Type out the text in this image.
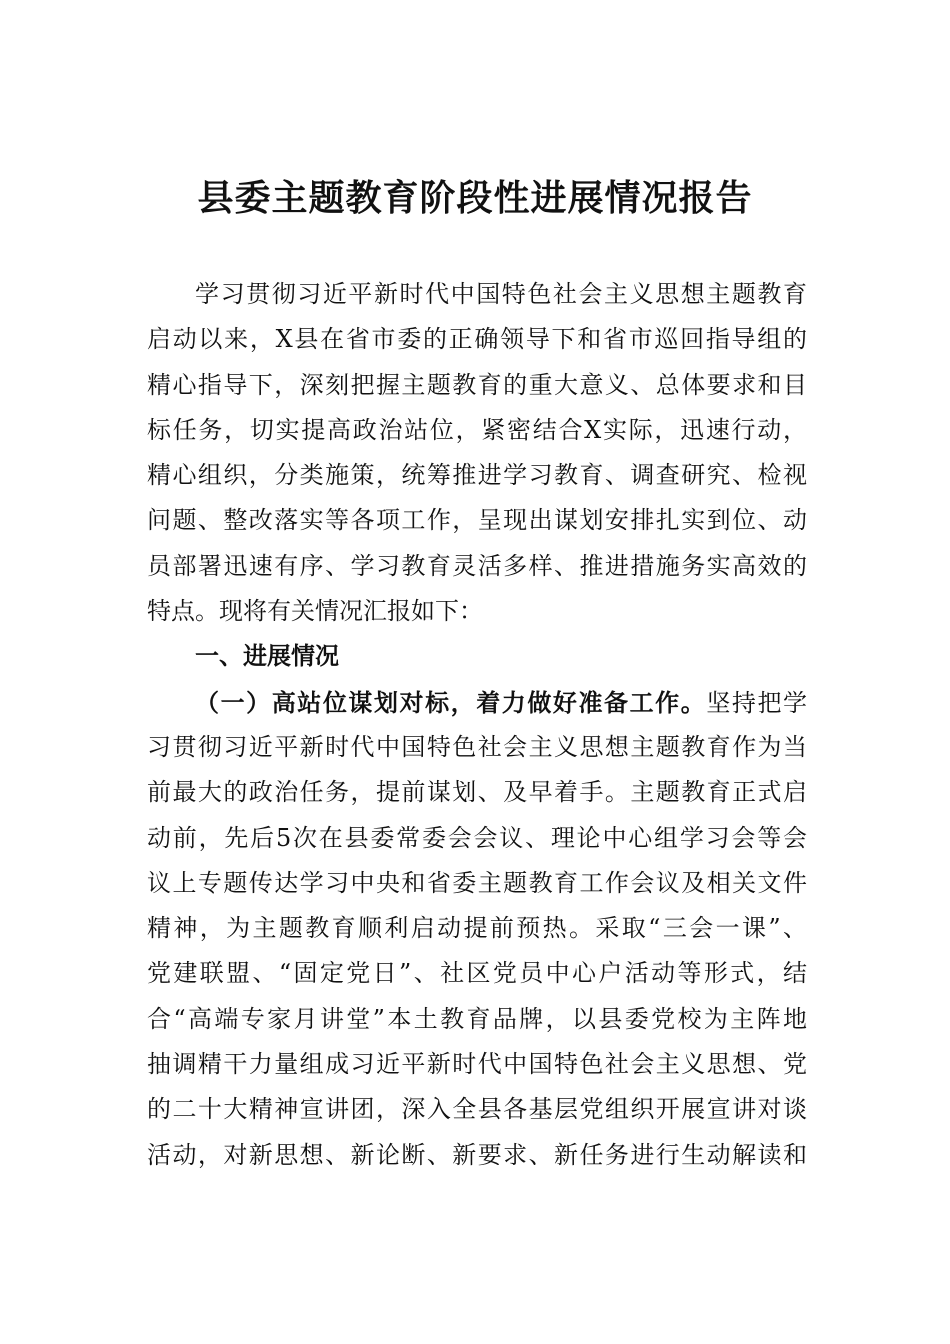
县委主题教育阶段性进展情况报告
学习贯彻习近平新时代中国特色社会主义思想主题教育
启动以来，X县在省市委的正确领导下和省市巡回指导组的
精心指导下，深刻把握主题教育的重大意义、总体要求和目
标任务，切实提高政治站位，紧密结合X实际，迅速行动，
精心组织，分类施策，统筹推进学习教育、调查研究、检视
问题、整改落实等各项工作，呈现出谋划安排扎实到位、动
员部署迅速有序、学习教育灵活多样、推进措施务实高效的
特点。现将有关情况汇报如下：
一、进展情况
（一）高站位谋划对标，着力做好准备工作。坚持把学
习贯彻习近平新时代中国特色社会主义思想主题教育作为当
前最大的政治任务，提前谋划、及早着手。主题教育正式启
动前，先后5次在县委常委会会议、理论中心组学习会等会
议上专题传达学习中央和省委主题教育工作会议及相关文件
精神，为主题教育顺利启动提前预热。采取“三会一课”、
党建联盟、“固定党日”、社区党员中心户活动等形式，结
合“高端专家月讲堂”本土教育品牌，以县委党校为主阵地
抽调精干力量组成习近平新时代中国特色社会主义思想、党
的二十大精神宣讲团，深入全县各基层党组织开展宣讲对谈
活动，对新思想、新论断、新要求、新任务进行生动解读和
